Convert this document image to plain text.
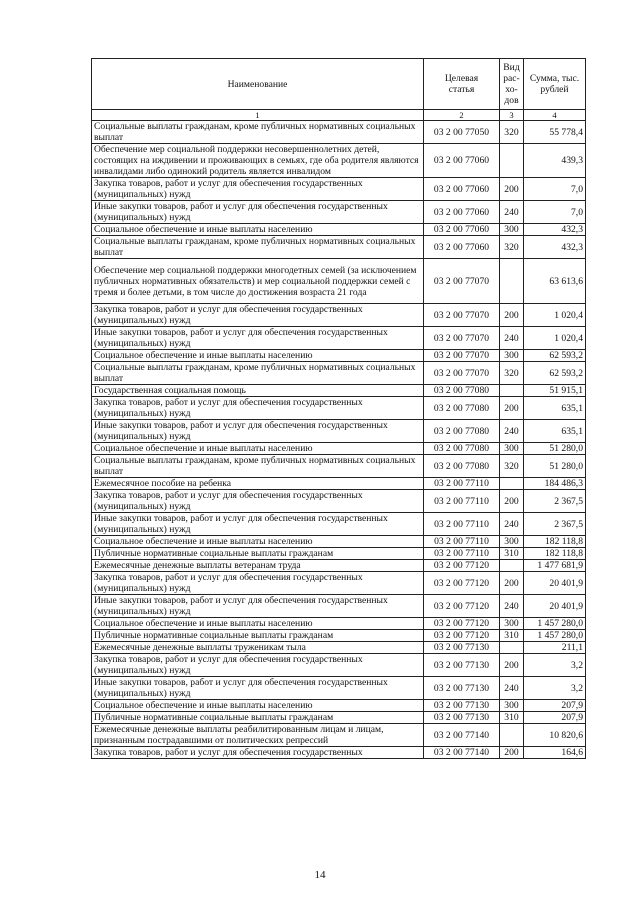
Наименование	Целевая статья	Вид рас-хо-дов	Сумма, тыс. рублей
1	2	3	4
Социальные выплаты гражданам, кроме публичных нормативных социальных выплат	03 2 00 77050	320	55 778,4
Обеспечение мер социальной поддержки несовершеннолетних детей, состоящих на иждивении и проживающих в семьях, где оба родителя являются инвалидами либо одинокий родитель является инвалидом	03 2 00 77060		439,3
Закупка товаров, работ и услуг для обеспечения государственных (муниципальных) нужд	03 2 00 77060	200	7,0
Иные закупки товаров, работ и услуг для обеспечения государственных (муниципальных) нужд	03 2 00 77060	240	7,0
Социальное обеспечение и иные выплаты населению	03 2 00 77060	300	432,3
Социальные выплаты гражданам, кроме публичных нормативных социальных выплат	03 2 00 77060	320	432,3
Обеспечение мер социальной поддержки многодетных семей (за исключением публичных нормативных обязательств) и мер социальной поддержки семей с тремя и более детьми, в том числе до достижения возраста 21 года	03 2 00 77070		63 613,6
Закупка товаров, работ и услуг для обеспечения государственных (муниципальных) нужд	03 2 00 77070	200	1 020,4
Иные закупки товаров, работ и услуг для обеспечения государственных (муниципальных) нужд	03 2 00 77070	240	1 020,4
Социальное обеспечение и иные выплаты населению	03 2 00 77070	300	62 593,2
Социальные выплаты гражданам, кроме публичных нормативных социальных выплат	03 2 00 77070	320	62 593,2
Государственная социальная помощь	03 2 00 77080		51 915,1
Закупка товаров, работ и услуг для обеспечения государственных (муниципальных) нужд	03 2 00 77080	200	635,1
Иные закупки товаров, работ и услуг для обеспечения государственных (муниципальных) нужд	03 2 00 77080	240	635,1
Социальное обеспечение и иные выплаты населению	03 2 00 77080	300	51 280,0
Социальные выплаты гражданам, кроме публичных нормативных социальных выплат	03 2 00 77080	320	51 280,0
Ежемесячное пособие на ребенка	03 2 00 77110		184 486,3
Закупка товаров, работ и услуг для обеспечения государственных (муниципальных) нужд	03 2 00 77110	200	2 367,5
Иные закупки товаров, работ и услуг для обеспечения государственных (муниципальных) нужд	03 2 00 77110	240	2 367,5
Социальное обеспечение и иные выплаты населению	03 2 00 77110	300	182 118,8
Публичные нормативные социальные выплаты гражданам	03 2 00 77110	310	182 118,8
Ежемесячные денежные выплаты ветеранам труда	03 2 00 77120		1 477 681,9
Закупка товаров, работ и услуг для обеспечения государственных (муниципальных) нужд	03 2 00 77120	200	20 401,9
Иные закупки товаров, работ и услуг для обеспечения государственных (муниципальных) нужд	03 2 00 77120	240	20 401,9
Социальное обеспечение и иные выплаты населению	03 2 00 77120	300	1 457 280,0
Публичные нормативные социальные выплаты гражданам	03 2 00 77120	310	1 457 280,0
Ежемесячные денежные выплаты труженикам тыла	03 2 00 77130		211,1
Закупка товаров, работ и услуг для обеспечения государственных (муниципальных) нужд	03 2 00 77130	200	3,2
Иные закупки товаров, работ и услуг для обеспечения государственных (муниципальных) нужд	03 2 00 77130	240	3,2
Социальное обеспечение и иные выплаты населению	03 2 00 77130	300	207,9
Публичные нормативные социальные выплаты гражданам	03 2 00 77130	310	207,9
Ежемесячные денежные выплаты реабилитированным лицам и лицам, признанным пострадавшими от политических репрессий	03 2 00 77140		10 820,6
Закупка товаров, работ и услуг для обеспечения государственных	03 2 00 77140	200	164,6
14
